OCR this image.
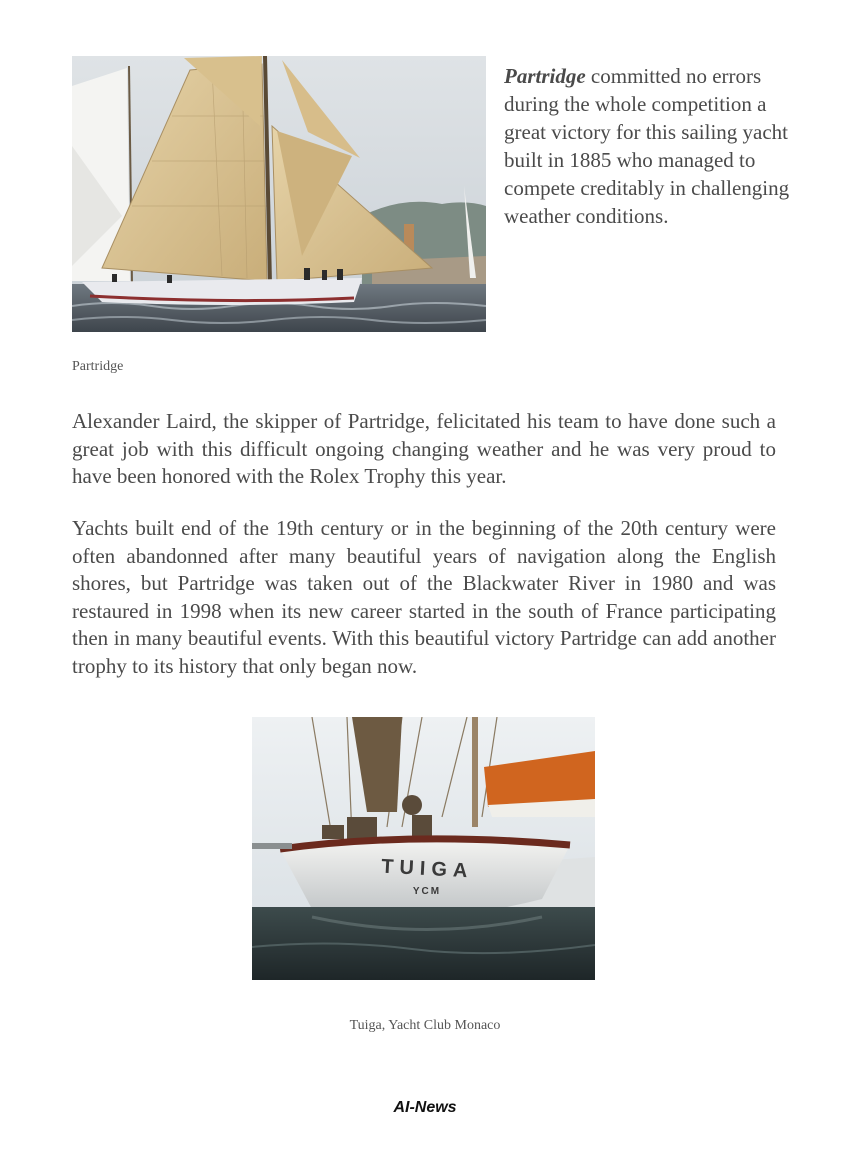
Partridge committed no errors during the whole competition a great victory for this sailing yacht built in 1885 who managed to compete creditably in challenging weather conditions.
Partridge

Alexander Laird, the skipper of Partridge, felicitated his team to have done such a great job with this difficult ongoing changing weather and he was very proud to have been honored with the Rolex Trophy this year.

Yachts built end of the 19th century or in the beginning of the 20th century were often abandonned after many beautiful years of navigation along the English shores, but Partridge was taken out of the Blackwater River in 1980 and was restaured in 1998 when its new career started in the south of France participating then in many beautiful events. With this beautiful victory Partridge can add another trophy to its history that only began now.

TUIGA
YCM
Tuiga, Yacht Club Monaco
AI-News
